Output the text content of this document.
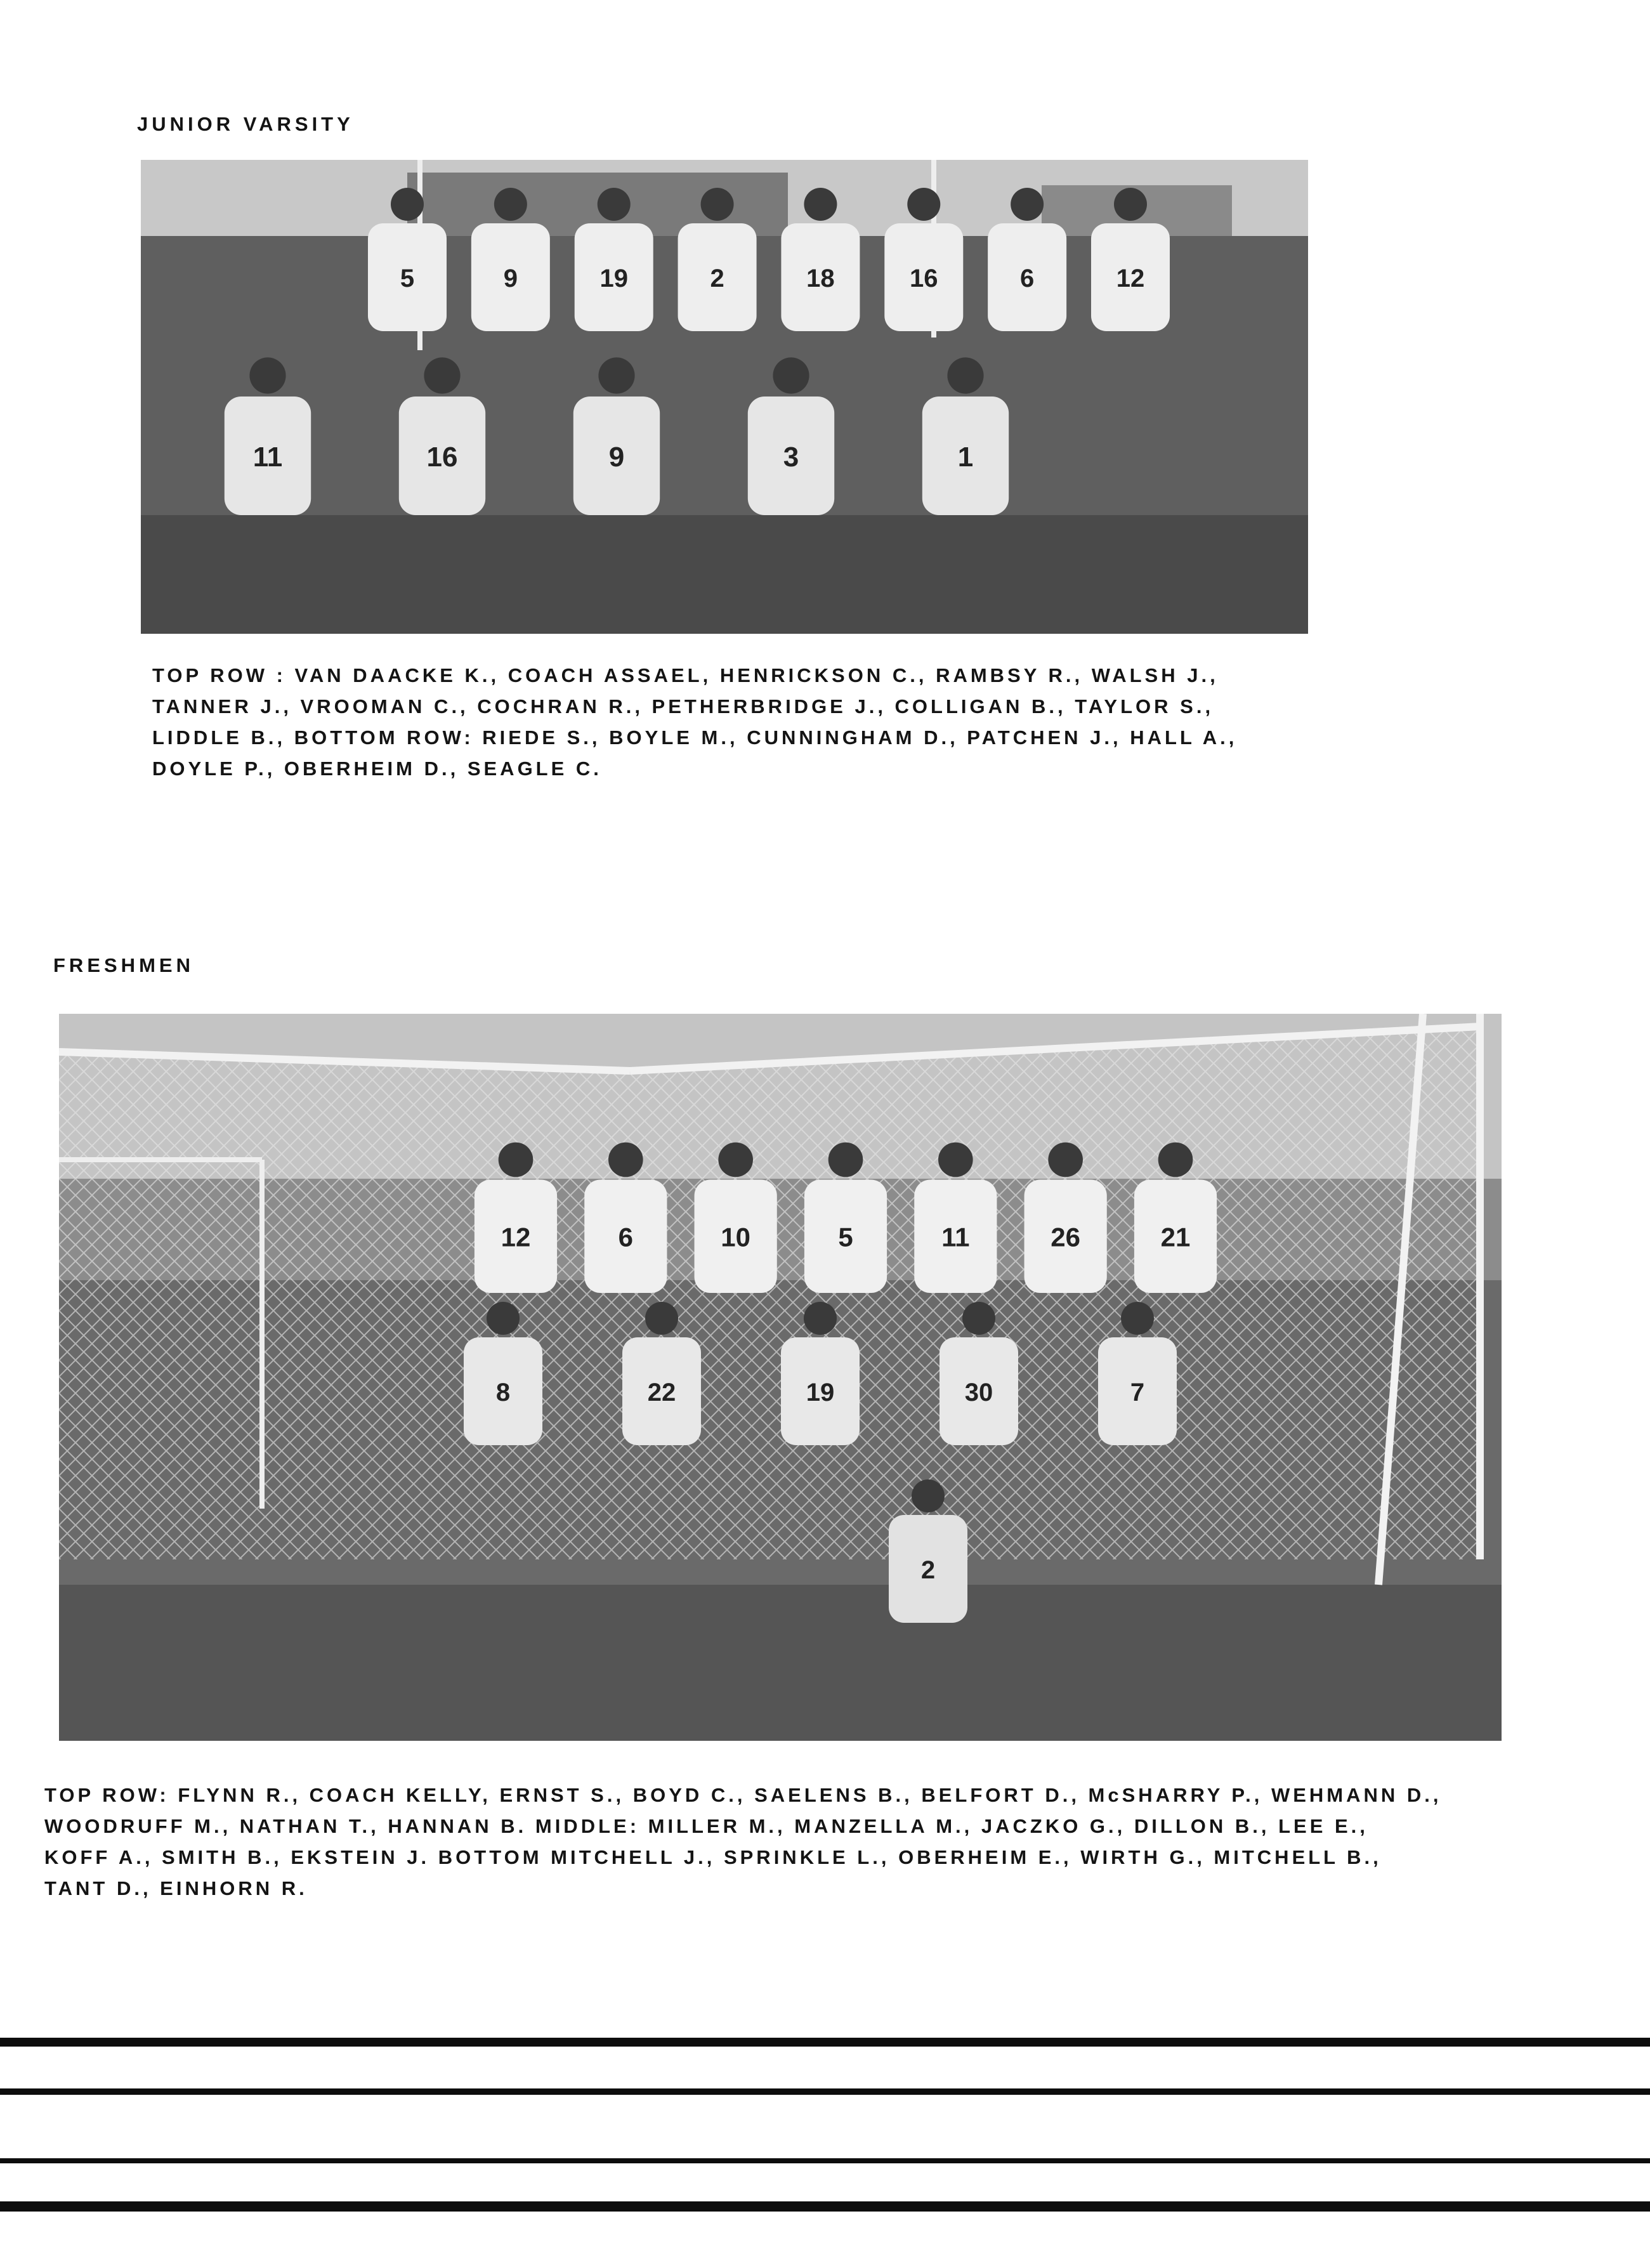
JUNIOR VARSITY
5	9	19	2	18	16	6	12
11	16	9	3	1
TOP ROW : VAN DAACKE K., COACH ASSAEL, HENRICKSON C., RAMBSY R., WALSH J.,
TANNER J., VROOMAN C., COCHRAN R., PETHERBRIDGE J., COLLIGAN B., TAYLOR S.,
LIDDLE B., BOTTOM ROW: RIEDE S., BOYLE M., CUNNINGHAM D., PATCHEN J., HALL A.,
DOYLE P., OBERHEIM D., SEAGLE C.
FRESHMEN
12	6	10	5	11	26	21
8	22	19	30	7
2
TOP ROW: FLYNN R., COACH KELLY, ERNST S., BOYD C., SAELENS B., BELFORT D., McSHARRY P., WEHMANN D.,
WOODRUFF M., NATHAN T., HANNAN B. MIDDLE: MILLER M., MANZELLA M., JACZKO G., DILLON B., LEE E.,
KOFF A., SMITH B., EKSTEIN J. BOTTOM MITCHELL J., SPRINKLE L., OBERHEIM E., WIRTH G., MITCHELL B.,
TANT D., EINHORN R.
